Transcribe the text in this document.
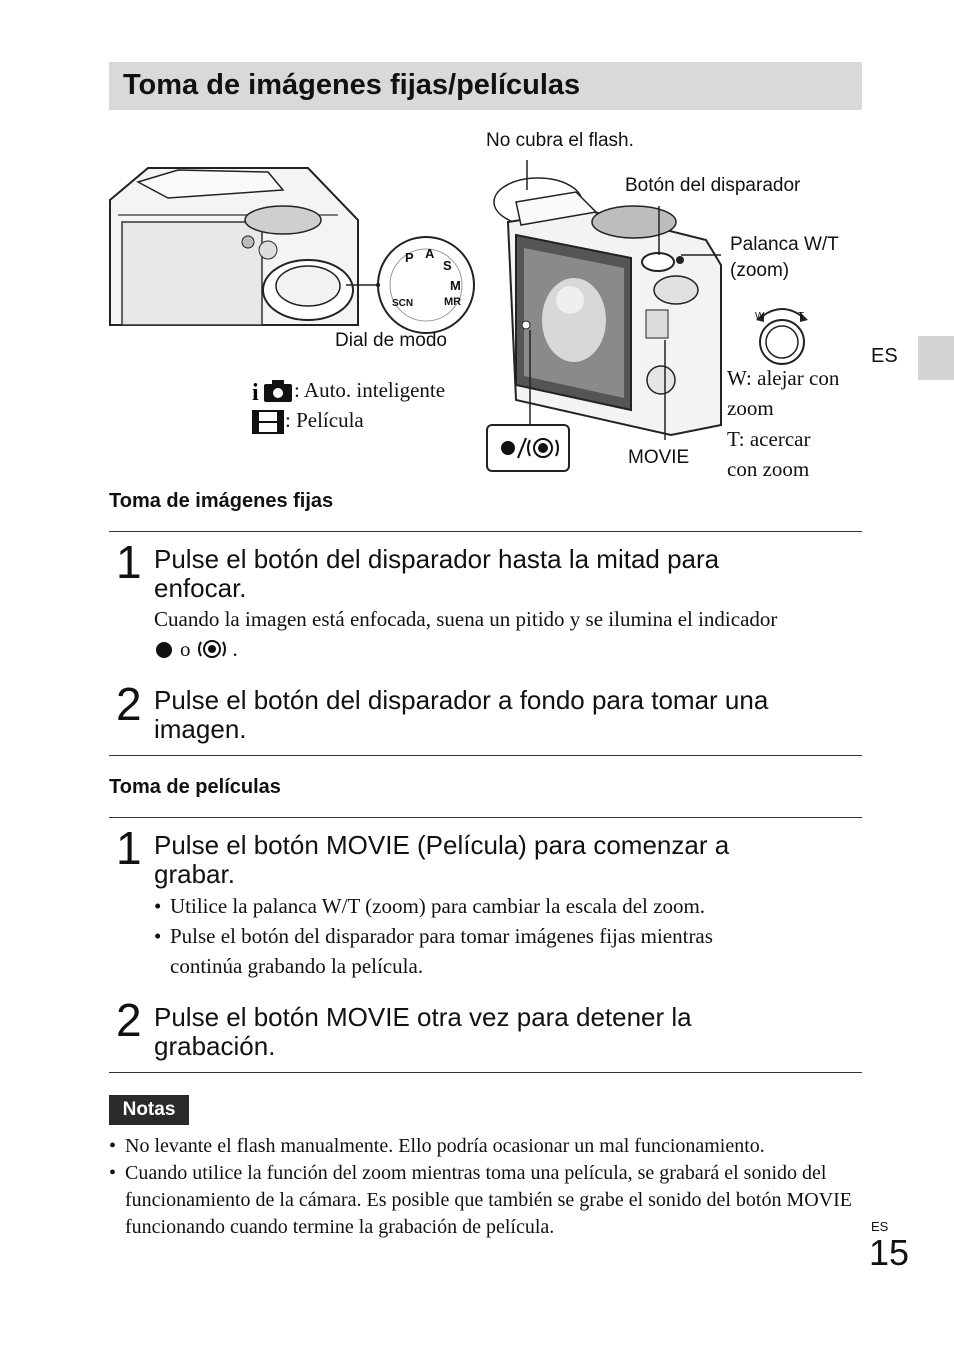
Toma de imágenes fijas/películas
P A
S
M
MR
SCN
Dial de modo
i : Auto. inteligente
: Película
No cubra el flash.
Botón del disparador
Palanca W/T
(zoom)
W	T
W: alejar con
zoom
T: acercar
con zoom
MOVIE
ES
Toma de imágenes fijas
1 Pulse el botón del disparador hasta la mitad para
enfocar.
Cuando la imagen está enfocada, suena un pitido y se ilumina el indicador
o .
2 Pulse el botón del disparador a fondo para tomar una
imagen.
Toma de películas
1 Pulse el botón MOVIE (Película) para comenzar a
grabar.
• Utilice la palanca W/T (zoom) para cambiar la escala del zoom.
• Pulse el botón del disparador para tomar imágenes fijas mientras
continúa grabando la película.
2 Pulse el botón MOVIE otra vez para detener la
grabación.
Notas
• No levante el flash manualmente. Ello podría ocasionar un mal funcionamiento.
• Cuando utilice la función del zoom mientras toma una película, se grabará el sonido del funcionamiento de la cámara. Es posible que también se grabe el sonido del botón MOVIE funcionando cuando termine la grabación de película.	ES
15
